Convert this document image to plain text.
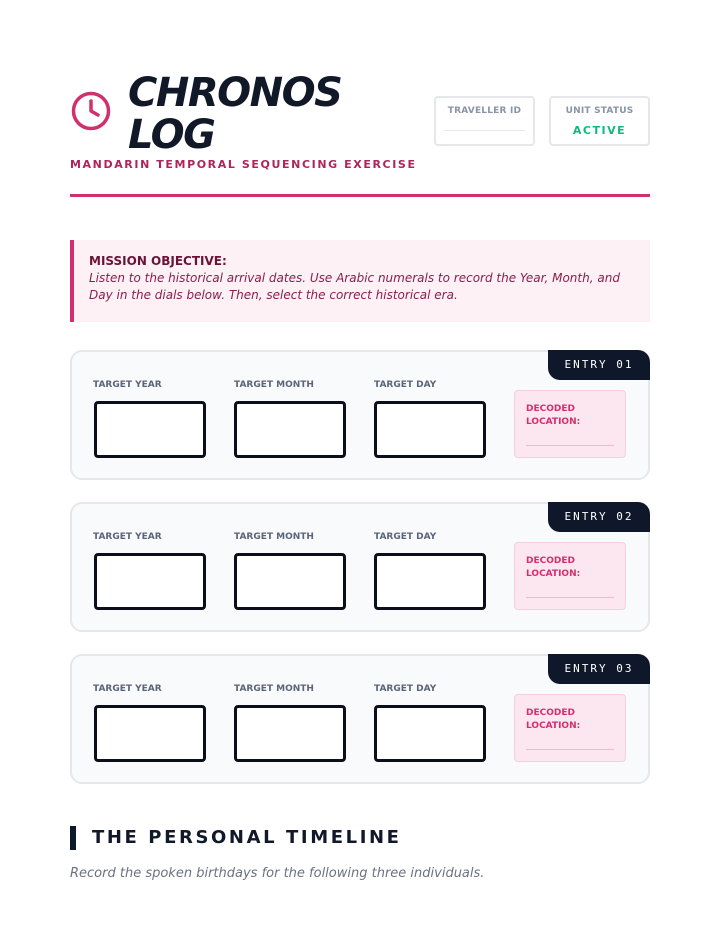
CHRONOS LOG
MANDARIN TEMPORAL SEQUENCING EXERCISE
TRAVELLER ID	UNIT STATUS
ACTIVE

MISSION OBJECTIVE:

Listen to the historical arrival dates. Use Arabic numerals to record the Year, Month, and Day in the dials below. Then, select the correct historical era.

ENTRY 01
TARGET YEAR	TARGET MONTH	TARGET DAY
DECODED LOCATION:
ENTRY 02
TARGET YEAR	TARGET MONTH	TARGET DAY
DECODED LOCATION:
ENTRY 03
TARGET YEAR	TARGET MONTH	TARGET DAY
DECODED LOCATION:
THE PERSONAL TIMELINE

Record the spoken birthdays for the following three individuals.
